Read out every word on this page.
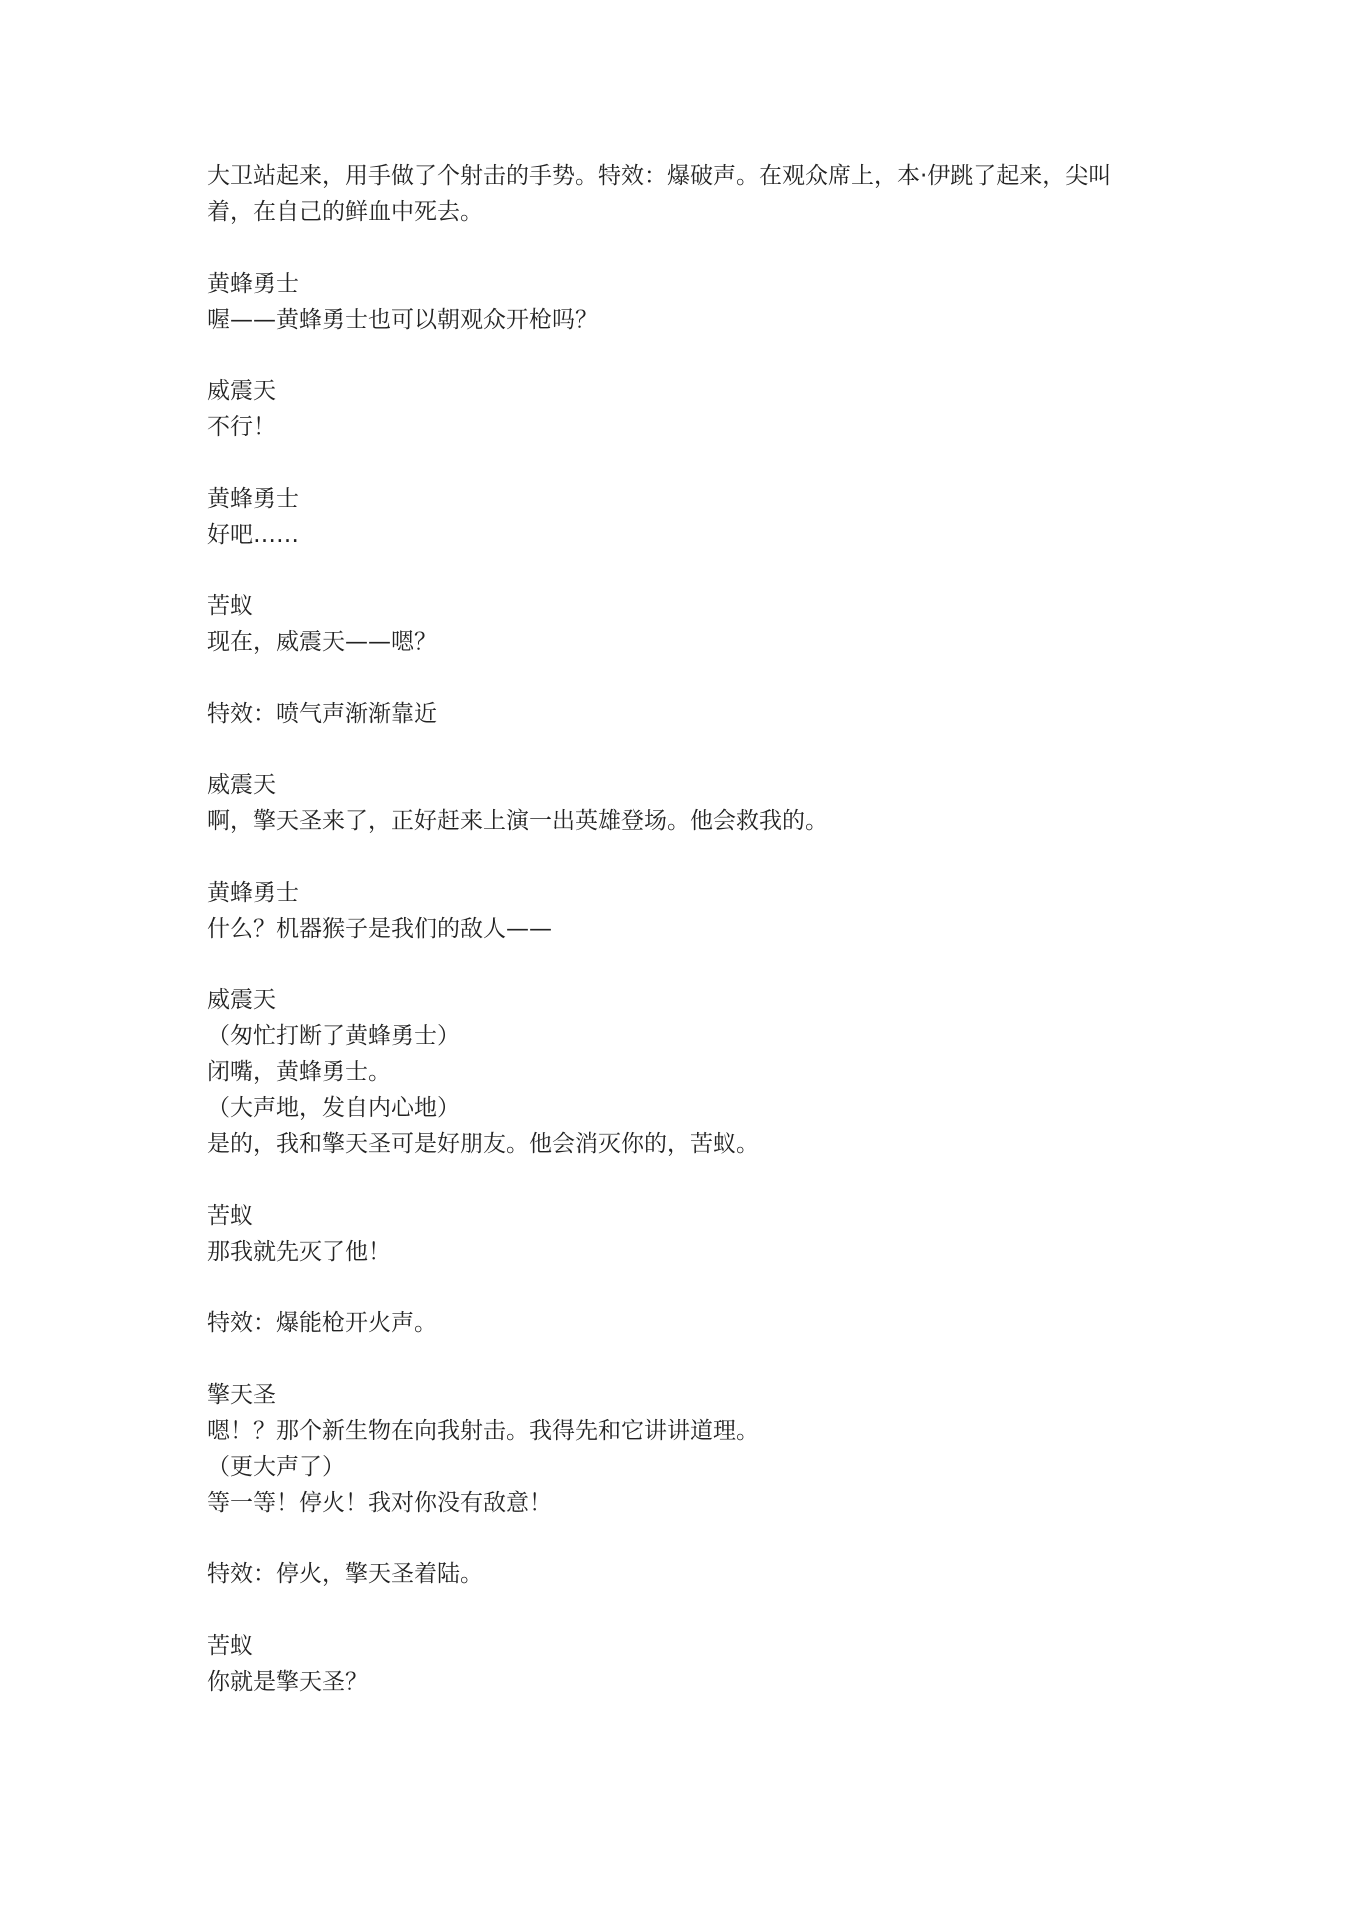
大卫站起来，用手做了个射击的手势。特效：爆破声。在观众席上，本·伊跳了起来，尖叫
着，在自己的鲜血中死去。
黄蜂勇士
喔——黄蜂勇士也可以朝观众开枪吗？
威震天
不行！
黄蜂勇士
好吧……
苦蚁
现在，威震天——嗯？
特效：喷气声渐渐靠近
威震天
啊，擎天圣来了，正好赶来上演一出英雄登场。他会救我的。
黄蜂勇士
什么？机器猴子是我们的敌人——
威震天
（匆忙打断了黄蜂勇士）
闭嘴，黄蜂勇士。
（大声地，发自内心地）
是的，我和擎天圣可是好朋友。他会消灭你的，苦蚁。
苦蚁
那我就先灭了他！
特效：爆能枪开火声。
擎天圣
嗯！？那个新生物在向我射击。我得先和它讲讲道理。
（更大声了）
等一等！停火！我对你没有敌意！
特效：停火，擎天圣着陆。
苦蚁
你就是擎天圣？
